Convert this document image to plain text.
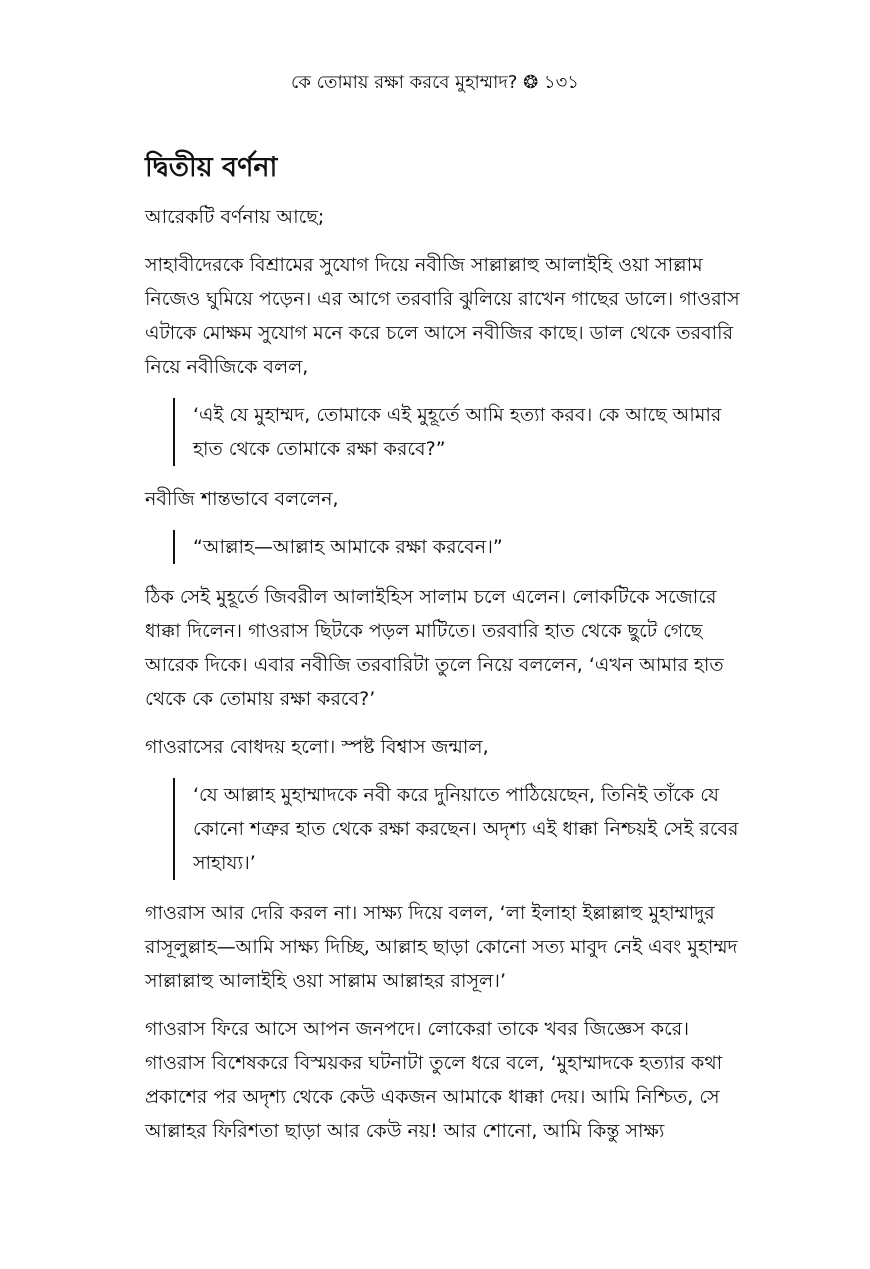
কে তোমায় রক্ষা করবে মুহাম্মাদ? ❂ ১৩১
দ্বিতীয় বর্ণনা

আরেকটি বর্ণনায় আছে;

সাহাবীদেরকে বিশ্রামের সুযোগ দিয়ে নবীজি সাল্লাল্লাহু আলাইহি ওয়া সাল্লাম নিজেও ঘুমিয়ে পড়েন। এর আগে তরবারি ঝুলিয়ে রাখেন গাছের ডালে। গাওরাস এটাকে মোক্ষম সুযোগ মনে করে চলে আসে নবীজির কাছে। ডাল থেকে তরবারি নিয়ে নবীজিকে বলল,

‘এই যে মুহাম্মদ, তোমাকে এই মুহূর্তে আমি হত্যা করব। কে আছে আমার হাত থেকে তোমাকে রক্ষা করবে?”

নবীজি শান্তভাবে বললেন,

“আল্লাহ—আল্লাহ আমাকে রক্ষা করবেন।”

ঠিক সেই মুহূর্তে জিবরীল আলাইহিস সালাম চলে এলেন। লোকটিকে সজোরে ধাক্কা দিলেন। গাওরাস ছিটকে পড়ল মাটিতে। তরবারি হাত থেকে ছুটে গেছে আরেক দিকে। এবার নবীজি তরবারিটা তুলে নিয়ে বললেন, ‘এখন আমার হাত থেকে কে তোমায় রক্ষা করবে?’

গাওরাসের বোধদয় হলো। স্পষ্ট বিশ্বাস জন্মাল,

‘যে আল্লাহ মুহাম্মাদকে নবী করে দুনিয়াতে পাঠিয়েছেন, তিনিই তাঁকে যে কোনো শত্রুর হাত থেকে রক্ষা করছেন। অদৃশ্য এই ধাক্কা নিশ্চয়ই সেই রবের সাহায্য।’

গাওরাস আর দেরি করল না। সাক্ষ্য দিয়ে বলল, ‘লা ইলাহা ইল্লাল্লাহু মুহাম্মাদুর রাসূলুল্লাহ—আমি সাক্ষ্য দিচ্ছি, আল্লাহ ছাড়া কোনো সত্য মাবুদ নেই এবং মুহাম্মদ সাল্লাল্লাহু আলাইহি ওয়া সাল্লাম আল্লাহর রাসূল।’

গাওরাস ফিরে আসে আপন জনপদে। লোকেরা তাকে খবর জিজ্ঞেস করে। গাওরাস বিশেষকরে বিস্ময়কর ঘটনাটা তুলে ধরে বলে, ‘মুহাম্মাদকে হত্যার কথা প্রকাশের পর অদৃশ্য থেকে কেউ একজন আমাকে ধাক্কা দেয়। আমি নিশ্চিত, সে আল্লাহর ফিরিশতা ছাড়া আর কেউ নয়! আর শোনো, আমি কিন্তু সাক্ষ্য
